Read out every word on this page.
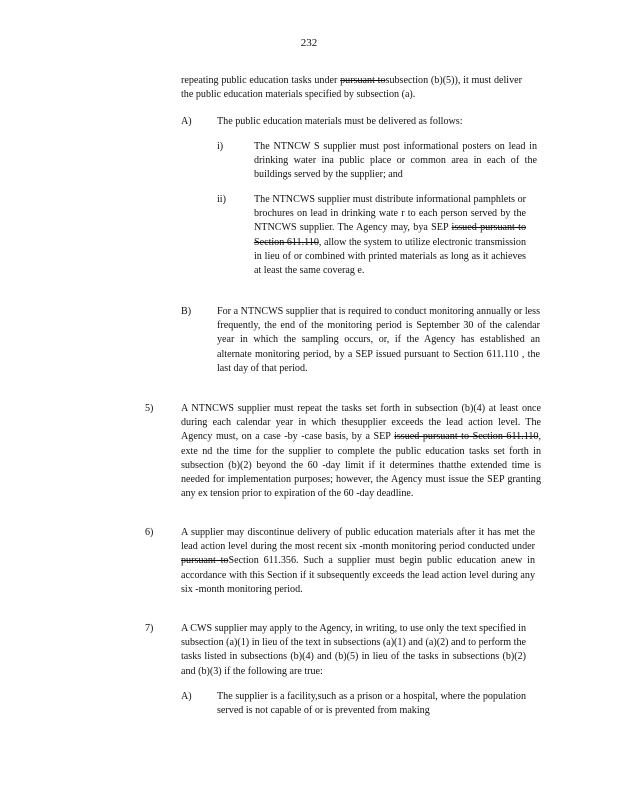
232

repeating public education tasks under pursuant tosubsection (b)(5)), it must deliver the public education materials specified by subsection (a).

A)	The public education materials must be delivered as follows:

i)	The NTNCW S supplier must post informational posters on lead in drinking water ina public place or common area in each of the buildings served by the supplier; and

ii)	The NTNCWS supplier must distribute informational pamphlets or brochures on lead in drinking wate r to each person served by the NTNCWS supplier. The Agency may, bya SEP issued pursuant to Section 611.110, allow the system to utilize electronic transmission in lieu of or combined with printed materials as long as it achieves at least the same coverag e.

B)	For a NTNCWS supplier that is required to conduct monitoring annually or less frequently, the end of the monitoring period is September 30 of the calendar year in which the sampling occurs, or, if the Agency has established an alternate monitoring period, by a SEP issued pursuant to Section 611.110 , the last day of that period.

5)	A NTNCWS supplier must repeat the tasks set forth in subsection (b)(4) at least once during each calendar year in which thesupplier exceeds the lead action level. The Agency must, on a case -by -case basis, by a SEP issued pursuant to Section 611.110, exte nd the time for the supplier to complete the public education tasks set forth in subsection (b)(2) beyond the 60 -day limit if it determines thatthe extended time is needed for implementation purposes; however, the Agency must issue the SEP granting any ex tension prior to expiration of the 60 -day deadline.

6)	A supplier may discontinue delivery of public education materials after it has met the lead action level during the most recent six -month monitoring period conducted under pursuant toSection 611.356. Such a supplier must begin public education anew in accordance with this Section if it subsequently exceeds the lead action level during any six -month monitoring period.

7)	A CWS supplier may apply to the Agency, in writing, to use only the text specified in subsection (a)(1) in lieu of the text in subsections (a)(1) and (a)(2) and to perform the tasks listed in subsections (b)(4) and (b)(5) in lieu of the tasks in subsections (b)(2) and (b)(3) if the following are true:

A)	The supplier is a facility,such as a prison or a hospital, where the population served is not capable of or is prevented from making
